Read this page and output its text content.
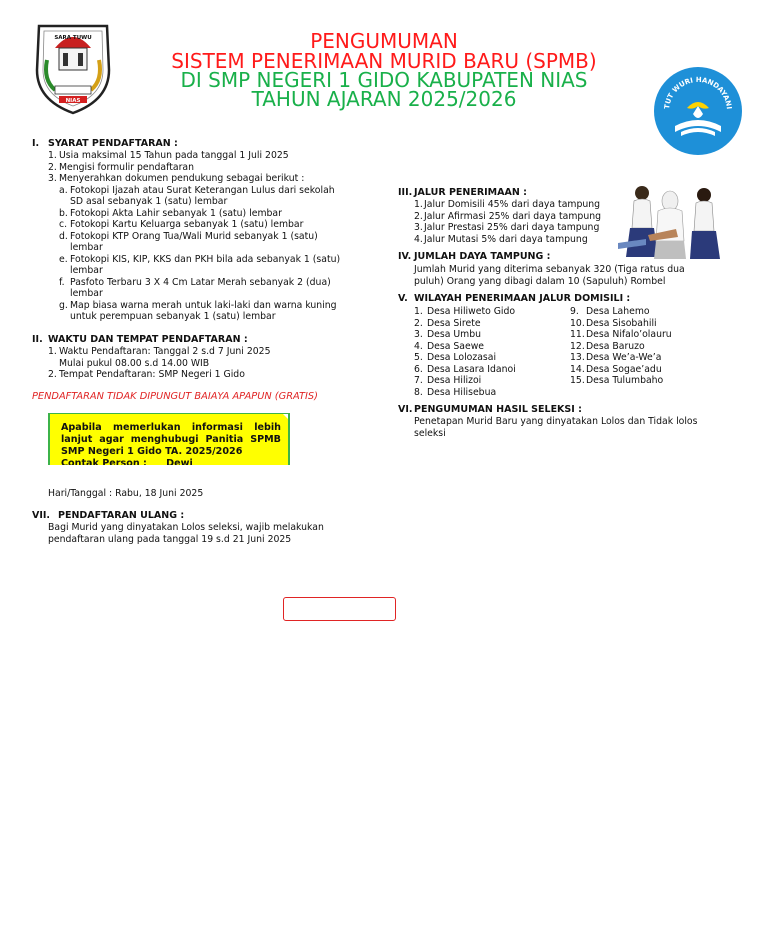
SARA TUWU
NIAS
PENGUMUMAN
SISTEM PENERIMAAN MURID BARU (SPMB)
DI SMP NEGERI 1 GIDO KABUPATEN NIAS
TAHUN AJARAN 2025/2026	TUT WURI HANDAYANI
I. SYARAT PENDAFTARAN :
1. Usia maksimal 15 Tahun pada tanggal 1 Juli 2025
2. Mengisi formulir pendaftaran
3. Menyerahkan dokumen pendukung sebagai berikut :
a. Fotokopi Ijazah atau Surat Keterangan Lulus dari sekolah
SD asal sebanyak 1 (satu) lembar
b. Fotokopi Akta Lahir sebanyak 1 (satu) lembar
c. Fotokopi Kartu Keluarga sebanyak 1 (satu) lembar
d. Fotokopi KTP Orang Tua/Wali Murid sebanyak 1 (satu)
lembar
e. Fotokopi KIS, KIP, KKS dan PKH bila ada sebanyak 1 (satu)
lembar
f. Pasfoto Terbaru 3 X 4 Cm Latar Merah sebanyak 2 (dua)
lembar
g. Map biasa warna merah untuk laki-laki dan warna kuning
untuk perempuan sebanyak 1 (satu) lembar
II. WAKTU DAN TEMPAT PENDAFTARAN :
1. Waktu Pendaftaran: Tanggal 2 s.d 7 Juni 2025
Mulai pukul 08.00 s.d 14.00 WIB
2. Tempat Pendaftaran: SMP Negeri 1 Gido
PENDAFTARAN TIDAK DIPUNGUT BAIAYA APAPUN (GRATIS)
Apabila memerlukan informasi lebih lanjut agar menghubugi Panitia SPMB SMP Negeri 1 Gido TA. 2025/2026
Contak Person : Dewi
Hari/Tanggal : Rabu, 18 Juni 2025
VII. PENDAFTARAN ULANG :
Bagi Murid yang dinyatakan Lolos seleksi, wajib melakukan
pendaftaran ulang pada tanggal 19 s.d 21 Juni 2025
III. JALUR PENERIMAAN :
1. Jalur Domisili 45% dari daya tampung
2. Jalur Afirmasi 25% dari daya tampung
3. Jalur Prestasi 25% dari daya tampung
4. Jalur Mutasi 5% dari daya tampung
IV. JUMLAH DAYA TAMPUNG :
Jumlah Murid yang diterima sebanyak 320 (Tiga ratus dua
puluh) Orang yang dibagi dalam 10 (Sapuluh) Rombel
V. WILAYAH PENERIMAAN JALUR DOMISILI :
1. Desa Hiliweto Gido
2. Desa Sirete
3. Desa Umbu
4. Desa Saewe
5. Desa Lolozasai
6. Desa Lasara Idanoi
7. Desa Hilizoi
8. Desa Hilisebua
9. Desa Lahemo
10. Desa Sisobahili
11. Desa Nifalo’olauru
12. Desa Baruzo
13. Desa We’a-We’a
14. Desa Sogae’adu
15. Desa Tulumbaho
VI. PENGUMUMAN HASIL SELEKSI :
Penetapan Murid Baru yang dinyatakan Lolos dan Tidak lolos
seleksi
